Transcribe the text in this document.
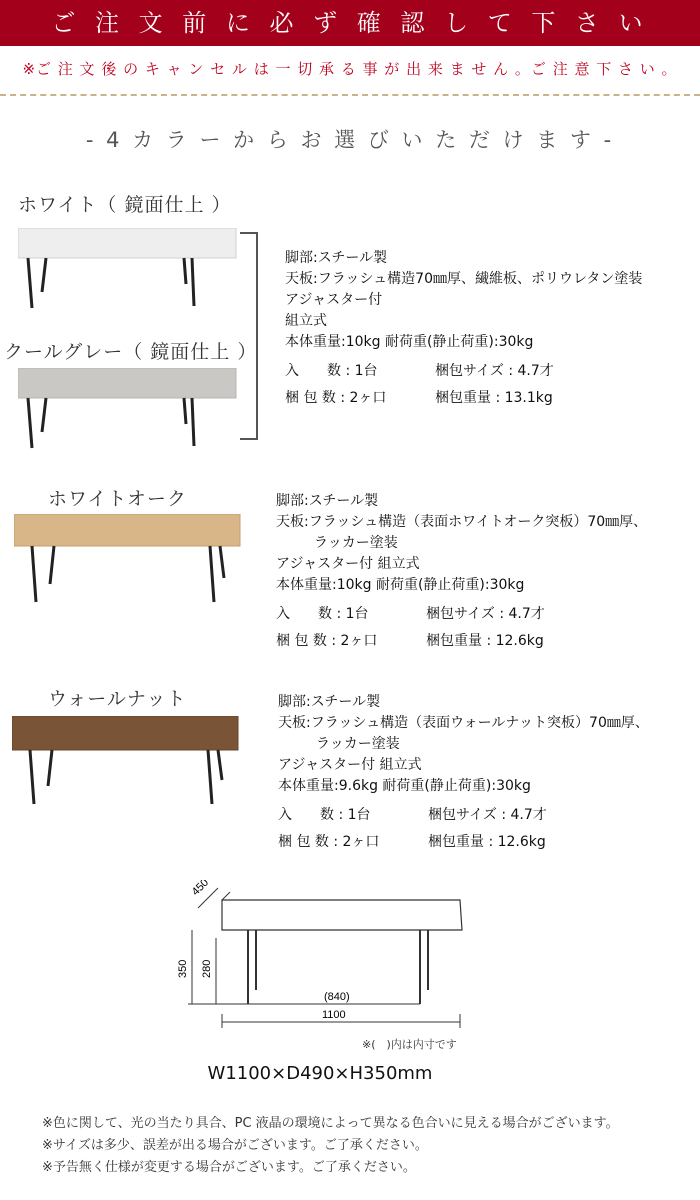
ご 注 文 前 に 必 ず 確 認 し て 下 さ い
※ご 注 文 後 の キ ャ ン セ ル は 一 切 承 る 事 が 出 来 ま せ ん 。ご 注 意 下 さ い 。
- 4 カ ラ ー か ら お 選 び い た だ け ま す -
ホワイト（ 鏡面仕上 ）
クールグレー（ 鏡面仕上 ）
脚部:スチール製
天板:フラッシュ構造70㎜厚、繊維板、ポリウレタン塗装
アジャスター付
組立式
本体重量:10kg 耐荷重(静止荷重):30kg
入　　数 : 1台	梱包サイズ : 4.7才
梱 包 数 : 2ヶ口	梱包重量 : 13.1kg
ホワイトオーク	脚部:スチール製
天板:フラッシュ構造（表面ホワイトオーク突板）70㎜厚、
ラッカー塗装
アジャスター付 組立式
本体重量:10kg 耐荷重(静止荷重):30kg
入　　数 : 1台	梱包サイズ : 4.7才
梱 包 数 : 2ヶ口	梱包重量 : 12.6kg
ウォールナット	脚部:スチール製
天板:フラッシュ構造（表面ウォールナット突板）70㎜厚、
ラッカー塗装
アジャスター付 組立式
本体重量:9.6kg 耐荷重(静止荷重):30kg
入　　数 : 1台	梱包サイズ : 4.7才
梱 包 数 : 2ヶ口	梱包重量 : 12.6kg
450
350 280
(840)
1100
※(　)内は内寸です
W1100×D490×H350mm
※色に関して、光の当たり具合、PC 液晶の環境によって異なる色合いに見える場合がございます。
※サイズは多少、誤差が出る場合がございます。ご了承ください。
※予告無く仕様が変更する場合がございます。ご了承ください。
